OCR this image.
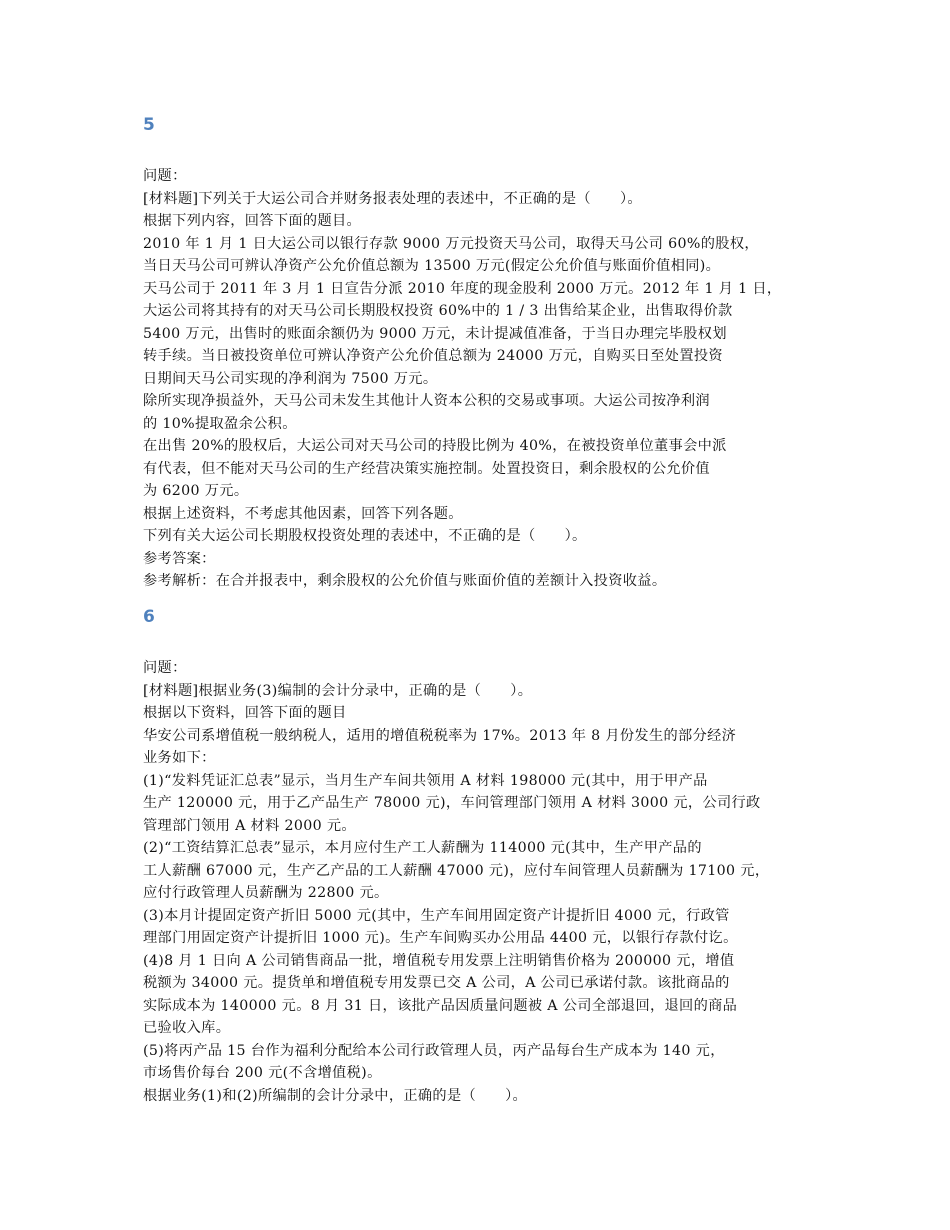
5
问题：
[材料题]下列关于大运公司合并财务报表处理的表述中，不正确的是（　　）。
根据下列内容，回答下面的题目。
2010 年 1 月 1 日大运公司以银行存款 9000 万元投资天马公司，取得天马公司 60%的股权，
当日天马公司可辨认净资产公允价值总额为 13500 万元(假定公允价值与账面价值相同)。
天马公司于 2011 年 3 月 1 日宣告分派 2010 年度的现金股利 2000 万元。2012 年 1 月 1 日，
大运公司将其持有的对天马公司长期股权投资 60%中的 1 / 3 出售给某企业，出售取得价款
5400 万元，出售时的账面余额仍为 9000 万元，未计提减值准备，于当日办理完毕股权划
转手续。当日被投资单位可辨认净资产公允价值总额为 24000 万元，自购买日至处置投资
日期间天马公司实现的净利润为 7500 万元。
除所实现净损益外，天马公司未发生其他计人资本公积的交易或事项。大运公司按净利润
的 10%提取盈余公积。
在出售 20%的股权后，大运公司对天马公司的持股比例为 40%，在被投资单位董事会中派
有代表，但不能对天马公司的生产经营决策实施控制。处置投资日，剩余股权的公允价值
为 6200 万元。
根据上述资料，不考虑其他因素，回答下列各题。
下列有关大运公司长期股权投资处理的表述中，不正确的是（　　）。
参考答案：
参考解析：在合并报表中，剩余股权的公允价值与账面价值的差额计入投资收益。
6
问题：
[材料题]根据业务(3)编制的会计分录中，正确的是（　　）。
根据以下资料，回答下面的题目
华安公司系增值税一般纳税人，适用的增值税税率为 17%。2013 年 8 月份发生的部分经济
业务如下：
(1)“发料凭证汇总表”显示，当月生产车间共领用 A 材料 198000 元(其中，用于甲产品
生产 120000 元，用于乙产品生产 78000 元)，车问管理部门领用 A 材料 3000 元，公司行政
管理部门领用 A 材料 2000 元。
(2)“工资结算汇总表”显示，本月应付生产工人薪酬为 114000 元(其中，生产甲产品的
工人薪酬 67000 元，生产乙产品的工人薪酬 47000 元)，应付车间管理人员薪酬为 17100 元，
应付行政管理人员薪酬为 22800 元。
(3)本月计提固定资产折旧 5000 元(其中，生产车间用固定资产计提折旧 4000 元，行政管
理部门用固定资产计提折旧 1000 元)。生产车间购买办公用品 4400 元，以银行存款付讫。
(4)8 月 1 日向 A 公司销售商品一批，增值税专用发票上注明销售价格为 200000 元，增值
税额为 34000 元。提货单和增值税专用发票已交 A 公司，A 公司已承诺付款。该批商品的
实际成本为 140000 元。8 月 31 日，该批产品因质量问题被 A 公司全部退回，退回的商品
已验收入库。
(5)将丙产品 15 台作为福利分配给本公司行政管理人员，丙产品每台生产成本为 140 元，
市场售价每台 200 元(不含增值税)。
根据业务(1)和(2)所编制的会计分录中，正确的是（　　）。
